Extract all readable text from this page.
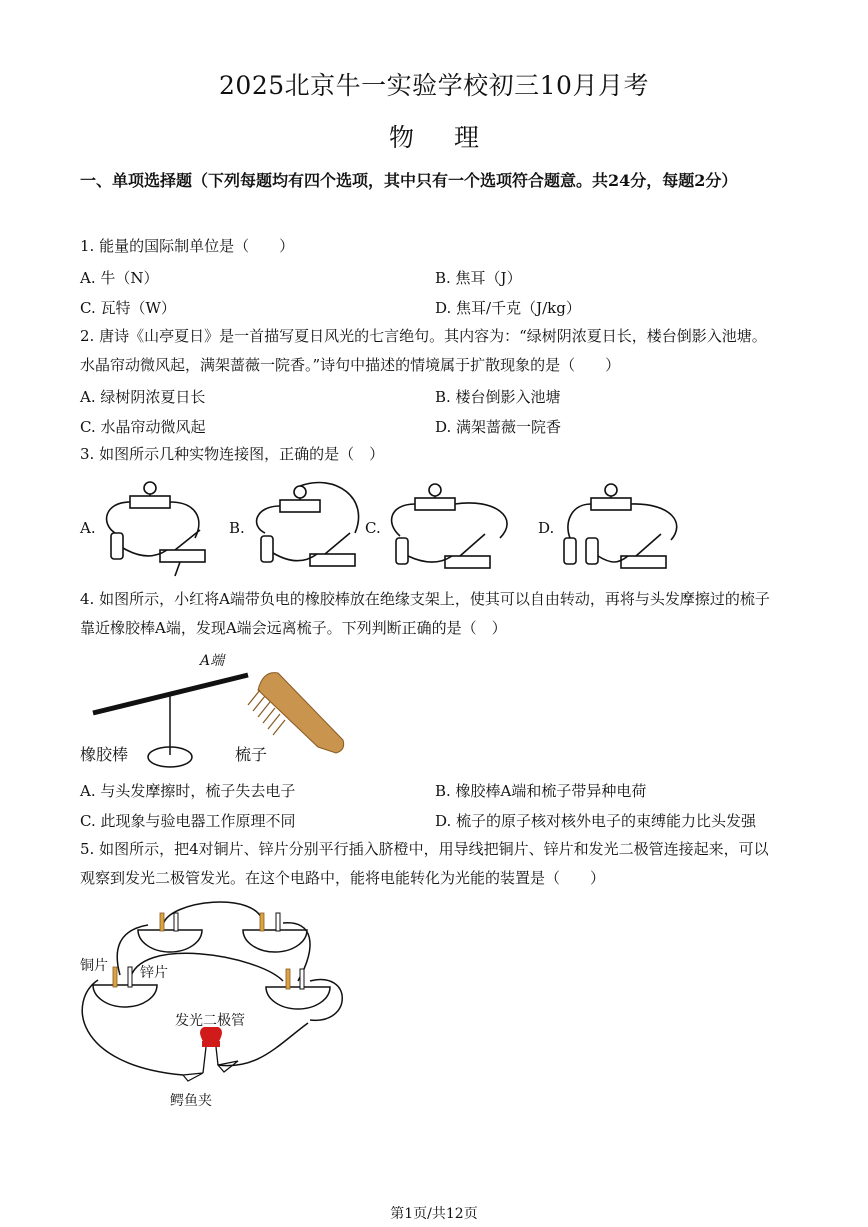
2025北京牛一实验学校初三10月月考
物理
一、单项选择题（下列每题均有四个选项，其中只有一个选项符合题意。共24分，每题2分）
1. 能量的国际制单位是（　　）
A. 牛（N）	B. 焦耳（J）
C. 瓦特（W）	D. 焦耳/千克（J/kg）
2. 唐诗《山亭夏日》是一首描写夏日风光的七言绝句。其内容为：“绿树阴浓夏日长，楼台倒影入池塘。
水晶帘动微风起，满架蔷薇一院香。”诗句中描述的情境属于扩散现象的是（　　）
A. 绿树阴浓夏日长	B. 楼台倒影入池塘
C. 水晶帘动微风起	D. 满架蔷薇一院香
3. 如图所示几种实物连接图，正确的是（　）
A.	B.	C.	D.
4. 如图所示，小红将A端带负电的橡胶棒放在绝缘支架上，使其可以自由转动，再将与头发摩擦过的梳子
靠近橡胶棒A端，发现A端会远离梳子。下列判断正确的是（　）
A端
橡胶棒	梳子
A. 与头发摩擦时，梳子失去电子	B. 橡胶棒A端和梳子带异种电荷
C. 此现象与验电器工作原理不同	D. 梳子的原子核对核外电子的束缚能力比头发强
5. 如图所示，把4对铜片、锌片分别平行插入脐橙中，用导线把铜片、锌片和发光二极管连接起来，可以
观察到发光二极管发光。在这个电路中，能将电能转化为光能的装置是（　　）
铜片 锌片
发光二极管
鳄鱼夹
第1页/共12页
